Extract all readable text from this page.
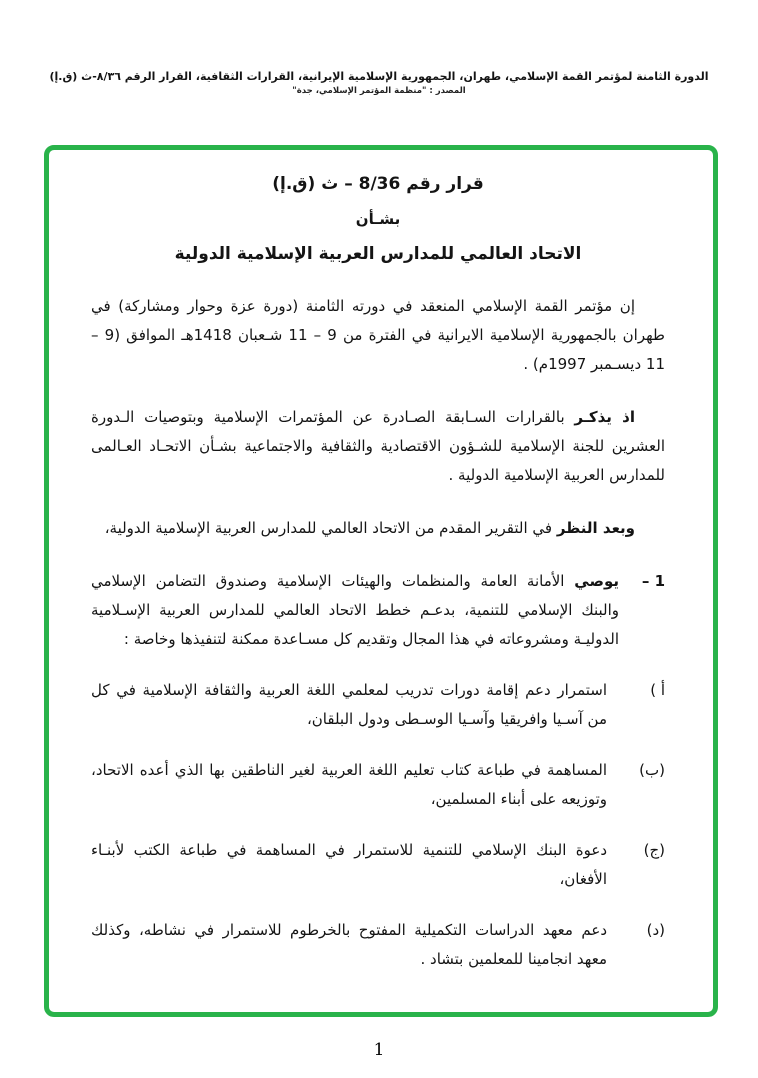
الدورة الثامنة لمؤتمر القمة الإسلامي، طهران، الجمهورية الإسلامية الإيرانية، القرارات الثقافية، القرار الرقم ٨/٣٦-ث (ق.إ)
المصدر : "منظمة المؤتمر الإسلامي، جدة"
قرار رقم 8/36 – ث (ق.إ)
بشـأن
الاتحاد العالمي للمدارس العربية الإسلامية الدولية

إن مؤتمر القمة الإسلامي المنعقد في دورته الثامنة (دورة عزة وحوار ومشاركة) في طهران بالجمهورية الإسلامية الايرانية في الفترة من 9 – 11 شـعبان 1418هـ الموافق (9 – 11 ديسـمبر 1997م) .

اذ يذكـر بالقرارات السـابقة الصـادرة عن المؤتمرات الإسلامية وبتوصيات الـدورة العشرين للجنة الإسلامية للشـؤون الاقتصادية والثقافية والاجتماعية بشـأن الاتحـاد العـالمى للمدارس العربية الإسلامية الدولية .

وبعد النظر في التقرير المقدم من الاتحاد العالمي للمدارس العربية الإسلامية الدولية،

1 –
يوصي الأمانة العامة والمنظمات والهيئات الإسلامية وصندوق التضامن الإسلامي والبنك الإسلامي للتنمية، بدعـم خطط الاتحاد العالمي للمدارس العربية الإسـلامية الدوليـة ومشروعاته في هذا المجال وتقديم كل مسـاعدة ممكنة لتنفيذها وخاصة :
أ )
استمرار دعم إقامة دورات تدريب لمعلمي اللغة العربية والثقافة الإسلامية في كل من آسـيا وافريقيا وآسـيا الوسـطى ودول البلقان،
(ب)
المساهمة في طباعة كتاب تعليم اللغة العربية لغير الناطقين بها الذي أعده الاتحاد، وتوزيعه على أبناء المسلمين،
(ج)
دعوة البنك الإسلامي للتنمية للاستمرار في المساهمة في طباعة الكتب لأبنـاء الأفغان،
(د)
دعم معهد الدراسات التكميلية المفتوح بالخرطوم للاستمرار في نشاطه، وكذلك معهد انجامينا للمعلمين بتشاد .
1
